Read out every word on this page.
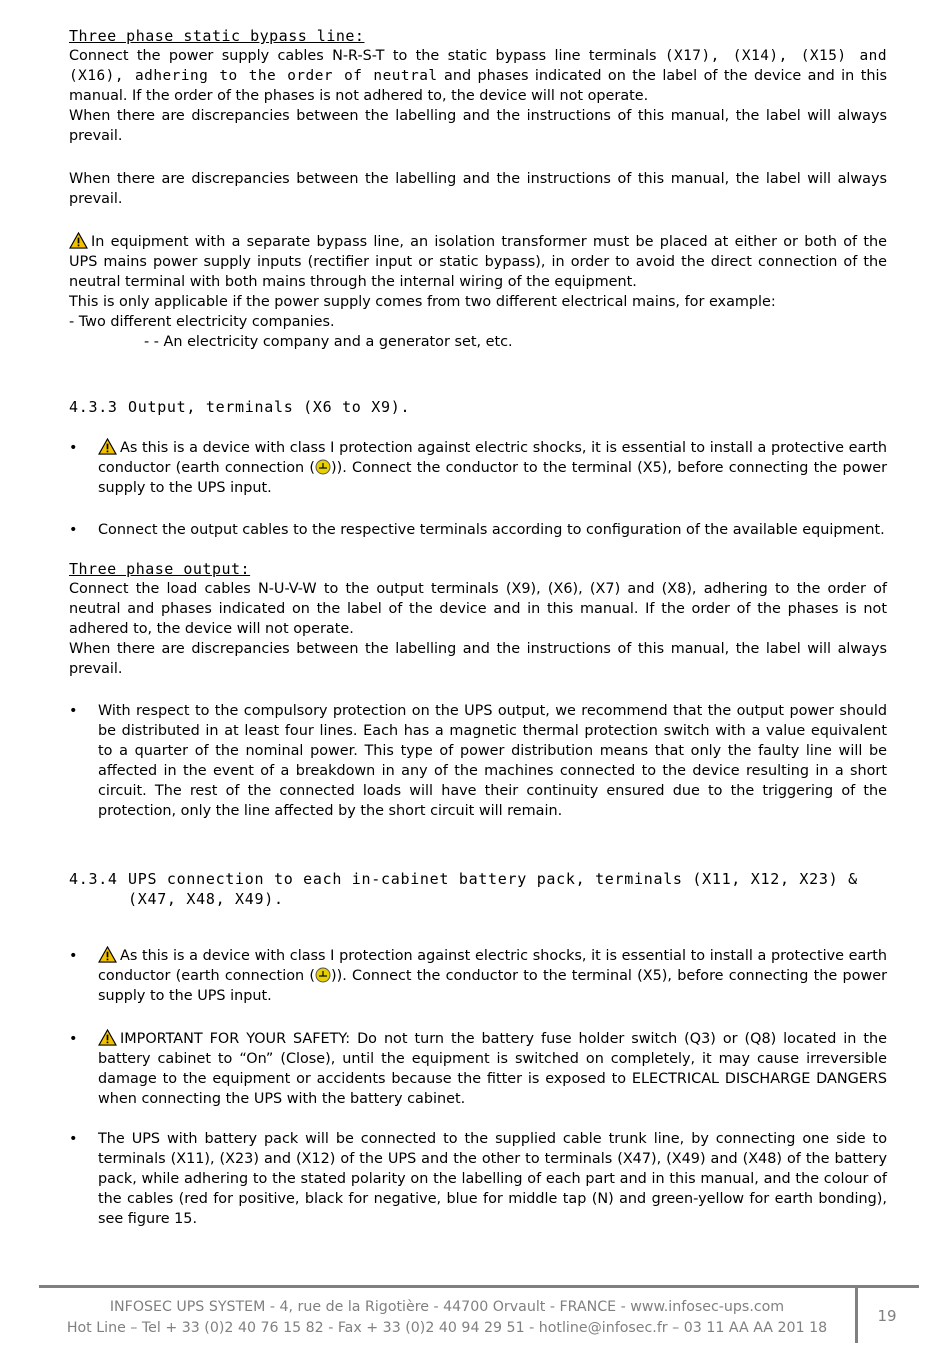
Three phase static bypass line:

Connect the power supply cables N-R-S-T to the static bypass line terminals (X17), (X14), (X15) and (X16), adhering to the order of neutral and phases indicated on the label of the device and in this manual. If the order of the phases is not adhered to, the device will not operate.

When there are discrepancies between the labelling and the instructions of this manual, the label will always prevail.

When there are discrepancies between the labelling and the instructions of this manual, the label will always prevail.

In equipment with a separate bypass line, an isolation transformer must be placed at either or both of the UPS mains power supply inputs (rectifier input or static bypass), in order to avoid the direct connection of the neutral terminal with both mains through the internal wiring of the equipment.

This is only applicable if the power supply comes from two different electrical mains, for example:

- Two different electricity companies.

- - An electricity company and a generator set, etc.

4.3.3 Output, terminals (X6 to X9).
•	As this is a device with class I protection against electric shocks, it is essential to install a protective earth conductor (earth connection ( )). Connect the conductor to the terminal (X5), before connecting the power supply to the UPS input.

•	Connect the output cables to the respective terminals according to configuration of the available equipment.

Three phase output:

Connect the load cables N-U-V-W to the output terminals (X9), (X6), (X7) and (X8), adhering to the order of neutral and phases indicated on the label of the device and in this manual. If the order of the phases is not adhered to, the device will not operate.

When there are discrepancies between the labelling and the instructions of this manual, the label will always prevail.

•	With respect to the compulsory protection on the UPS output, we recommend that the output power should be distributed in at least four lines. Each has a magnetic thermal protection switch with a value equivalent to a quarter of the nominal power. This type of power distribution means that only the faulty line will be affected in the event of a breakdown in any of the machines connected to the device resulting in a short circuit. The rest of the connected loads will have their continuity ensured due to the triggering of the protection, only the line affected by the short circuit will remain.

4.3.4 UPS connection to each in-cabinet battery pack, terminals (X11, X12, X23) & (X47, X48, X49).
•	As this is a device with class I protection against electric shocks, it is essential to install a protective earth conductor (earth connection ( )). Connect the conductor to the terminal (X5), before connecting the power supply to the UPS input.

•	IMPORTANT FOR YOUR SAFETY: Do not turn the battery fuse holder switch (Q3) or (Q8) located in the battery cabinet to “On” (Close), until the equipment is switched on completely, it may cause irreversible damage to the equipment or accidents because the fitter is exposed to ELECTRICAL DISCHARGE DANGERS when connecting the UPS with the battery cabinet.

•	The UPS with battery pack will be connected to the supplied cable trunk line, by connecting one side to terminals (X11), (X23) and (X12) of the UPS and the other to terminals (X47), (X49) and (X48) of the battery pack, while adhering to the stated polarity on the labelling of each part and in this manual, and the colour of the cables (red for positive, black for negative, blue for middle tap (N) and green-yellow for earth bonding), see figure 15.

INFOSEC UPS SYSTEM - 4, rue de la Rigotière - 44700 Orvault - FRANCE - www.infosec-ups.com
Hot Line – Tel + 33 (0)2 40 76 15 82 - Fax + 33 (0)2 40 94 29 51 - hotline@infosec.fr – 03 11 AA AA 201 18
19
